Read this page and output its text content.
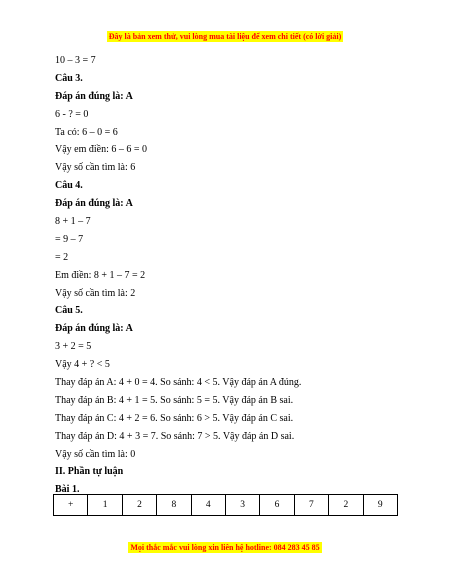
Đây là bản xem thử, vui lòng mua tài liệu để xem chi tiết (có lời giải)
10 – 3 = 7
Câu 3.
Đáp án đúng là: A
6 - ? = 0
Ta có: 6 – 0 = 6
Vậy em điền: 6 – 6 = 0
Vậy số cần tìm là: 6
Câu 4.
Đáp án đúng là: A
8 + 1 – 7
= 9 – 7
= 2
Em điền: 8 + 1 – 7 = 2
Vậy số cần tìm là: 2
Câu 5.
Đáp án đúng là: A
3 + 2 = 5
Vậy 4 + ? < 5
Thay đáp án A: 4 + 0 = 4. So sánh: 4 < 5. Vậy đáp án A đúng.
Thay đáp án B: 4 + 1 = 5. So sánh: 5 = 5. Vậy đáp án B sai.
Thay đáp án C: 4 + 2 = 6. So sánh: 6 > 5. Vậy đáp án C sai.
Thay đáp án D: 4 + 3 = 7. So sánh: 7 > 5. Vậy đáp án D sai.
Vậy số cần tìm là: 0
II. Phần tự luận
Bài 1.
+	1	2	8	4	3	6	7	2	9
Mọi thắc mắc vui lòng xin liên hệ hotline: 084 283 45 85
